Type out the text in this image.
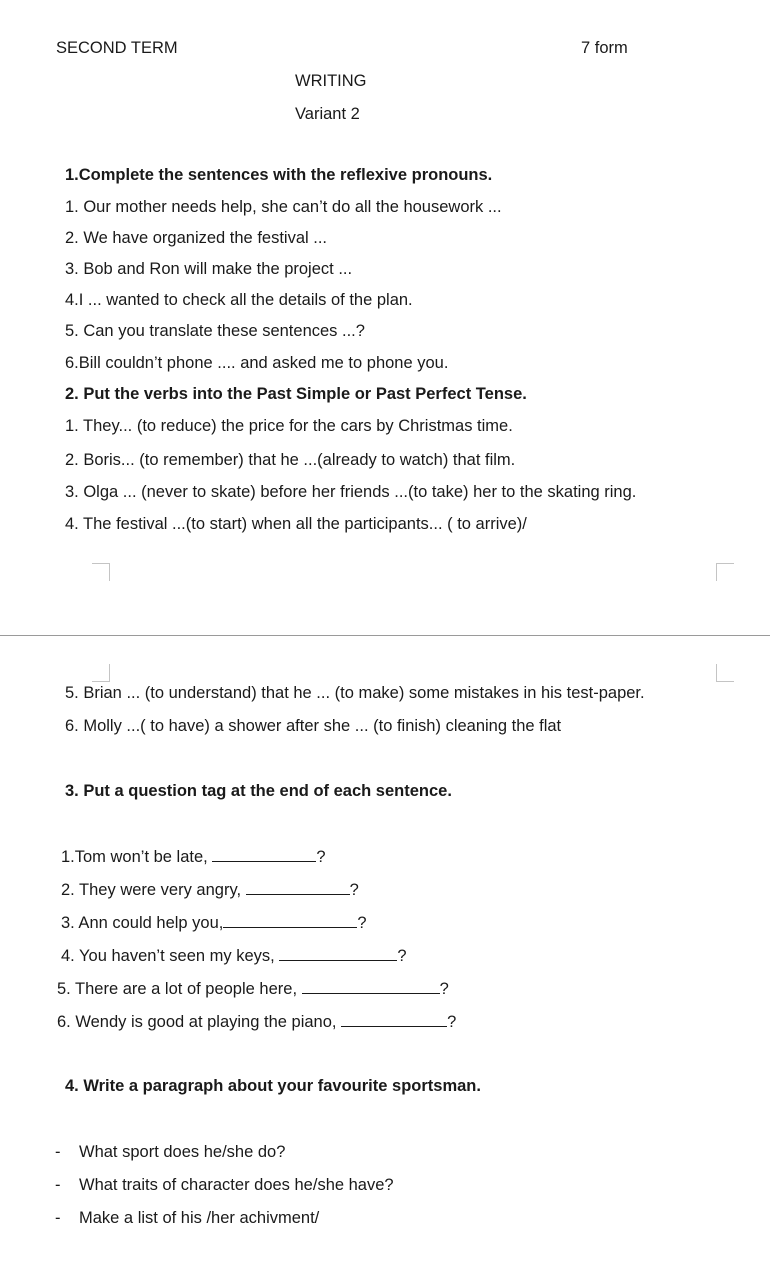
SECOND TERM	7 form
WRITING
Variant 2
1.Complete the sentences with the reflexive pronouns.
1. Our mother needs help, she can’t do all the housework ...
2. We have organized the festival ...
3. Bob and Ron will make the project ...
4.I ... wanted to check all the details of the plan.
5. Can you translate these sentences ...?
6.Bill couldn’t phone .... and asked me to phone you.
2. Put the verbs into the Past Simple or Past Perfect Tense.
1. They... (to reduce) the price for the cars by Christmas time.
2. Boris... (to remember) that he ...(already to watch) that film.
3. Olga ... (never to skate) before her friends ...(to take) her to the skating ring.
4. The festival ...(to start) when all the participants... ( to arrive)/
5. Brian ... (to understand) that he ... (to make) some mistakes in his test-paper.
6. Molly ...( to have) a shower after she ... (to finish) cleaning the flat
3. Put a question tag at the end of each sentence.
1.Tom won’t be late,	?
2. They were very angry,	?
3. Ann could help you,	?
4. You haven’t seen my keys,	?
5. There are a lot of people here,	?
6. Wendy is good at playing the piano,	?
4. Write a paragraph about your favourite sportsman.
- What sport does he/she do?
- What traits of character does he/she have?
- Make a list of his /her achivment/
